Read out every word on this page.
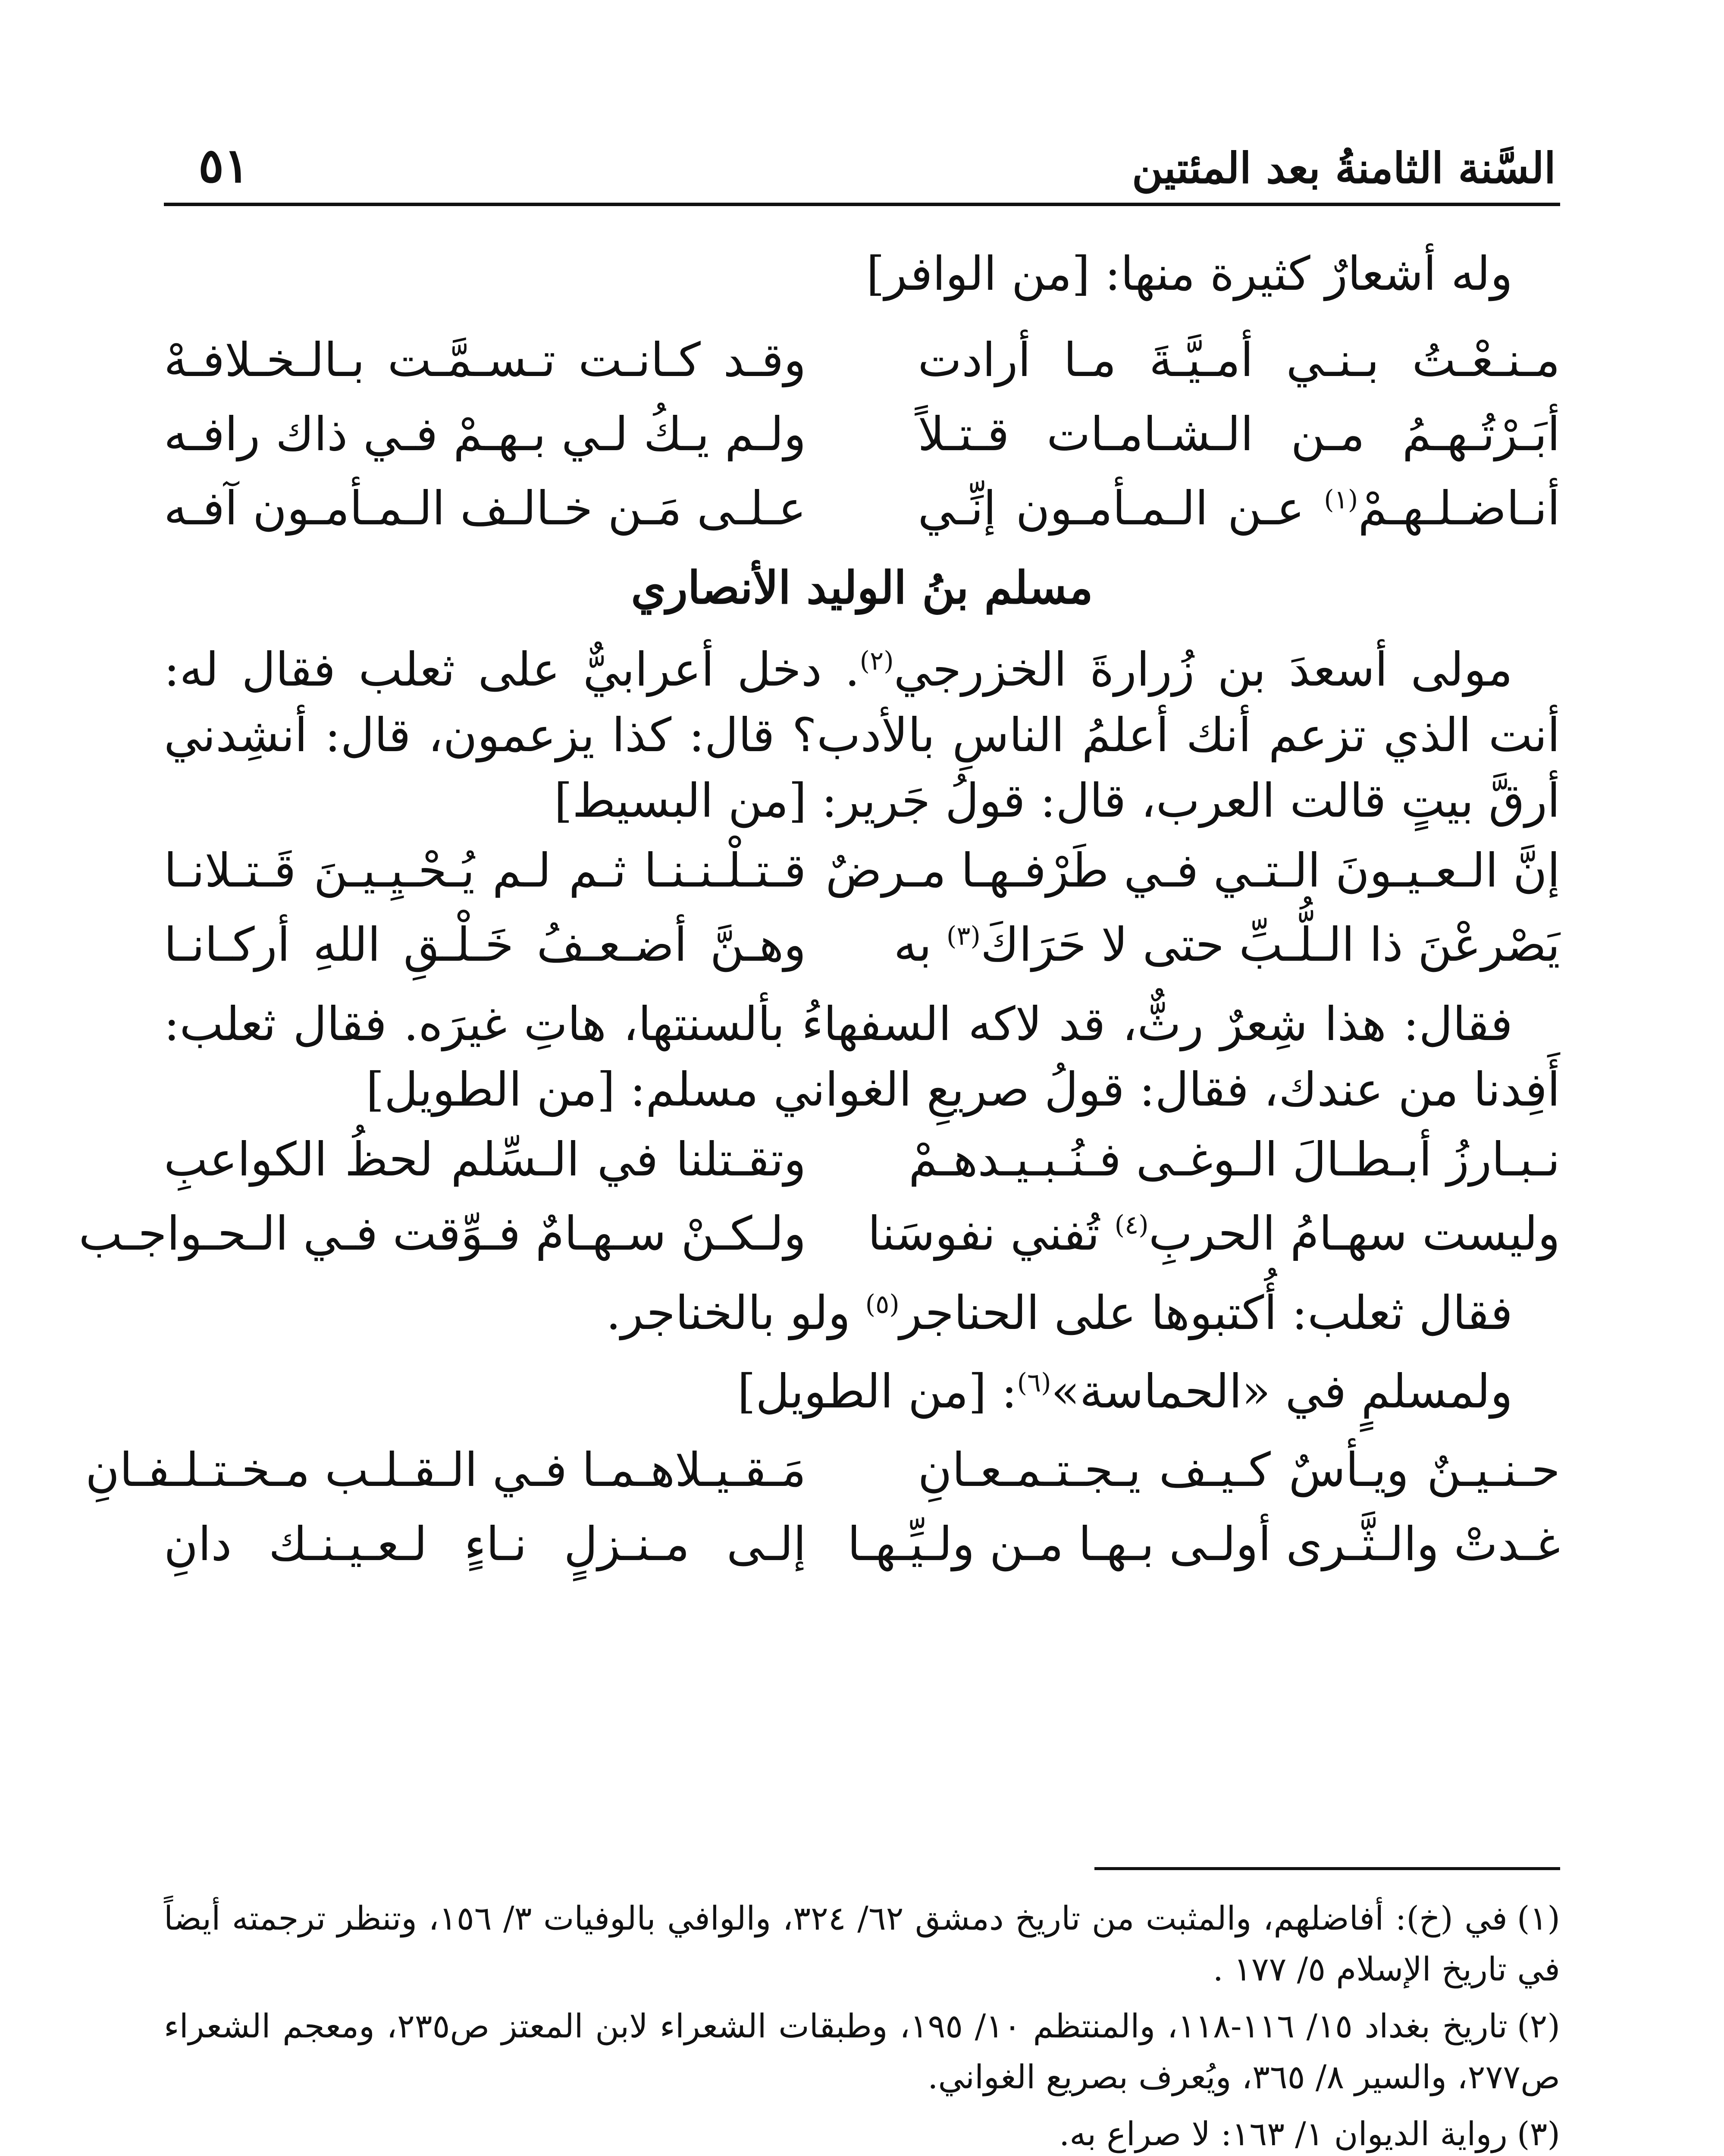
السَّنة الثامنةُ بعد المئتين
٥١

وله أشعارٌ كثيرة منها: [من الوافر]

مـنـعْـتُ بـنـي أمـيَّـةَ مـا أرادت
وقـد كـانـت تـسـمَّـت بـالـخـلافـهْ
أبَـرْتُـهـمُ مـن الـشـامـات قـتـلاً
ولـم يـكُ لـي بـهـمْ فـي ذاك رافـه
أنـاضـلـهـمْ$^{(١)}$ عـن الـمـأمـون إنِّـي
عـلـى مَـن خـالـف الـمـأمـون آفـه
مسلم بنُ الوليد الأنصاري

مولى أسعدَ بن زُرارةَ الخزرجي$^{(٢)}$. دخل أعرابيٌّ على ثعلب فقال له: أنت الذي تزعم أنك أعلمُ الناسِ بالأدب؟ قال: كذا يزعمون، قال: أنشِدني أرقَّ بيتٍ قالت العرب، قال: قولُ جَرير: [من البسيط]

إنَّ الـعـيـونَ الـتـي فـي طَرْفـهـا مـرضٌ
قـتـلْـنـنـا ثـم لـم يُـحْـيِـيـنَ قَـتـلانـا
يَصْرعْنَ ذا الـلُّـبِّ حتى لا حَرَاكَ$^{(٣)}$ به
وهـنَّ أضـعـفُ خَـلْـقِ اللهِ أركـانـا

فقال: هذا شِعرٌ رثٌّ، قد لاكه السفهاءُ بألسنتها، هاتِ غيرَه. فقال ثعلب: أَفِدنا من عندك، فقال: قولُ صريعِ الغواني مسلم: [من الطويل]

نـبـارزُ أبـطـالَ الـوغـى فـنُـبـيـدهـمْ
وتقـتلنا في الـسِّلم لحظُ الكواعبِ
وليست سهـامُ الحربِ$^{(٤)}$ تُفني نفوسَنا
ولـكـنْ سـهـامٌ فـوِّقت فـي الـحـواجـب

فقال ثعلب: أُكتبوها على الحناجر$^{(٥)}$ ولو بالخناجر.

ولمسلمٍ في «الحماسة»$^{(٦)}$: [من الطويل]

حـنـيـنٌ ويـأسٌ كـيـف يـجـتـمـعـانِ
مَـقـيـلاهـمـا فـي الـقـلـب مـخـتـلـفـانِ
غـدتْ والـثَّـرى أولـى بـهـا مـن ولـيِّـهـا
إلـى مـنـزلٍ نـاءٍ لـعـيـنـك دانِ

(١)في (خ): أفاضلهم، والمثبت من تاريخ دمشق ٦٢/ ٣٢٤، والوافي بالوفيات ٣/ ١٥٦، وتنظر ترجمته أيضاً في تاريخ الإسلام ٥/ ١٧٧ .

(٢)تاريخ بغداد ١٥/ ١١٦-١١٨، والمنتظم ١٠/ ١٩٥، وطبقات الشعراء لابن المعتز ص٢٣٥، ومعجم الشعراء ص٢٧٧، والسير ٨/ ٣٦٥، ويُعرف بصريع الغواني.

(٣)رواية الديوان ١/ ١٦٣: لا صراع به.
